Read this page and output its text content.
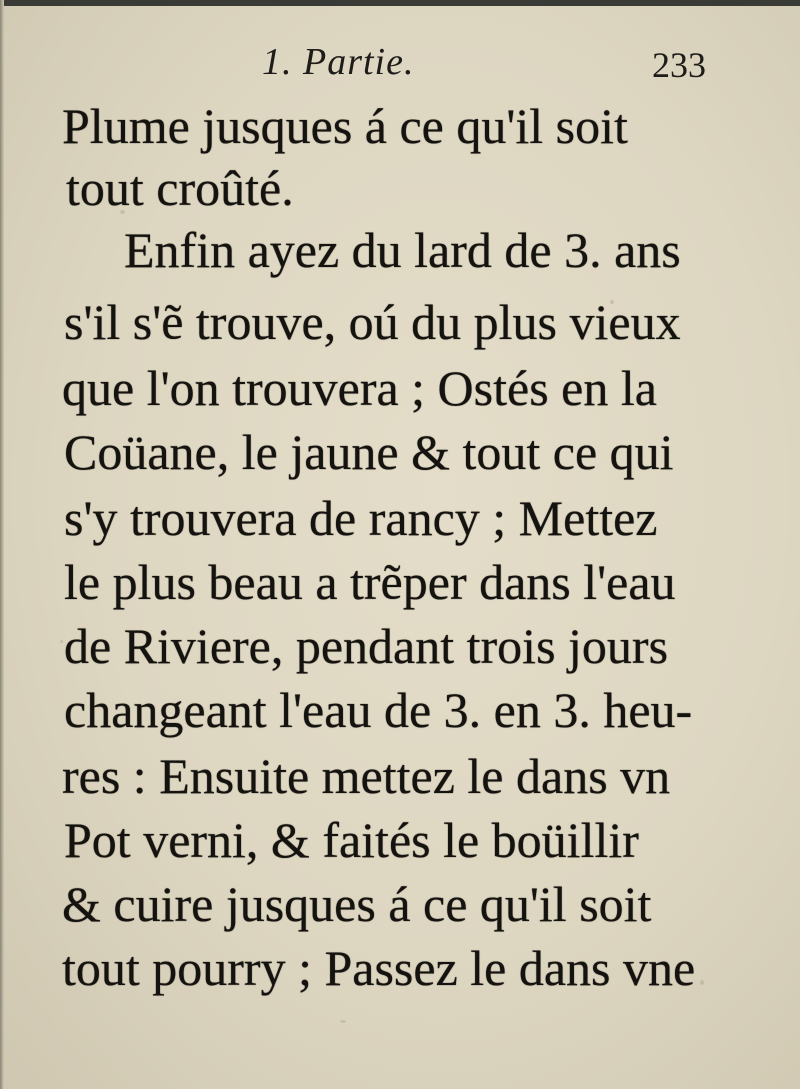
1. Partie.	233
Plume jusques á ce qu'il soit
tout croûté.
Enfin ayez du lard de 3. ans
s'il s'ẽ trouve, oú du plus vieux
que l'on trouvera ; Ostés en la
Coüane, le jaune & tout ce qui
s'y trouvera de rancy ; Mettez
le plus beau a trẽper dans l'eau
de Riviere, pendant trois jours
changeant l'eau de 3. en 3. heu-
res : Ensuite mettez le dans vn
Pot verni, & faités le boüillir
& cuire jusques á ce qu'il soit
tout pourry ; Passez le dans vne
